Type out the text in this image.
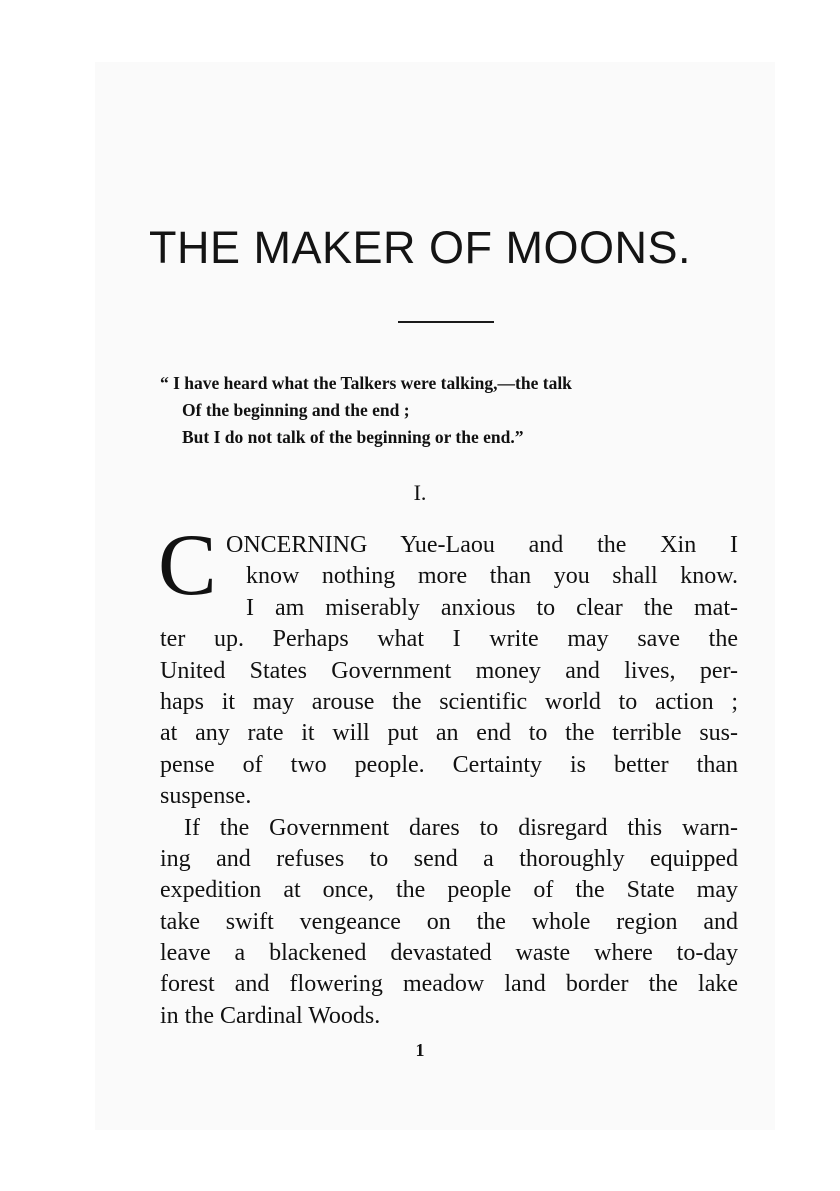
THE MAKER OF MOONS.
“ I have heard what the Talkers were talking,—the talk
Of the beginning and the end ;
But I do not talk of the beginning or the end.”
I.
C ONCERNING Yue-Laou and the Xin I
know nothing more than you shall know.
I am miserably anxious to clear the mat-
ter up. Perhaps what I write may save the
United States Government money and lives, per-
haps it may arouse the scientific world to action ;
at any rate it will put an end to the terrible sus-
pense of two people. Certainty is better than
suspense.
If the Government dares to disregard this warn-
ing and refuses to send a thoroughly equipped
expedition at once, the people of the State may
take swift vengeance on the whole region and
leave a blackened devastated waste where to-day
forest and flowering meadow land border the lake
in the Cardinal Woods.
1
